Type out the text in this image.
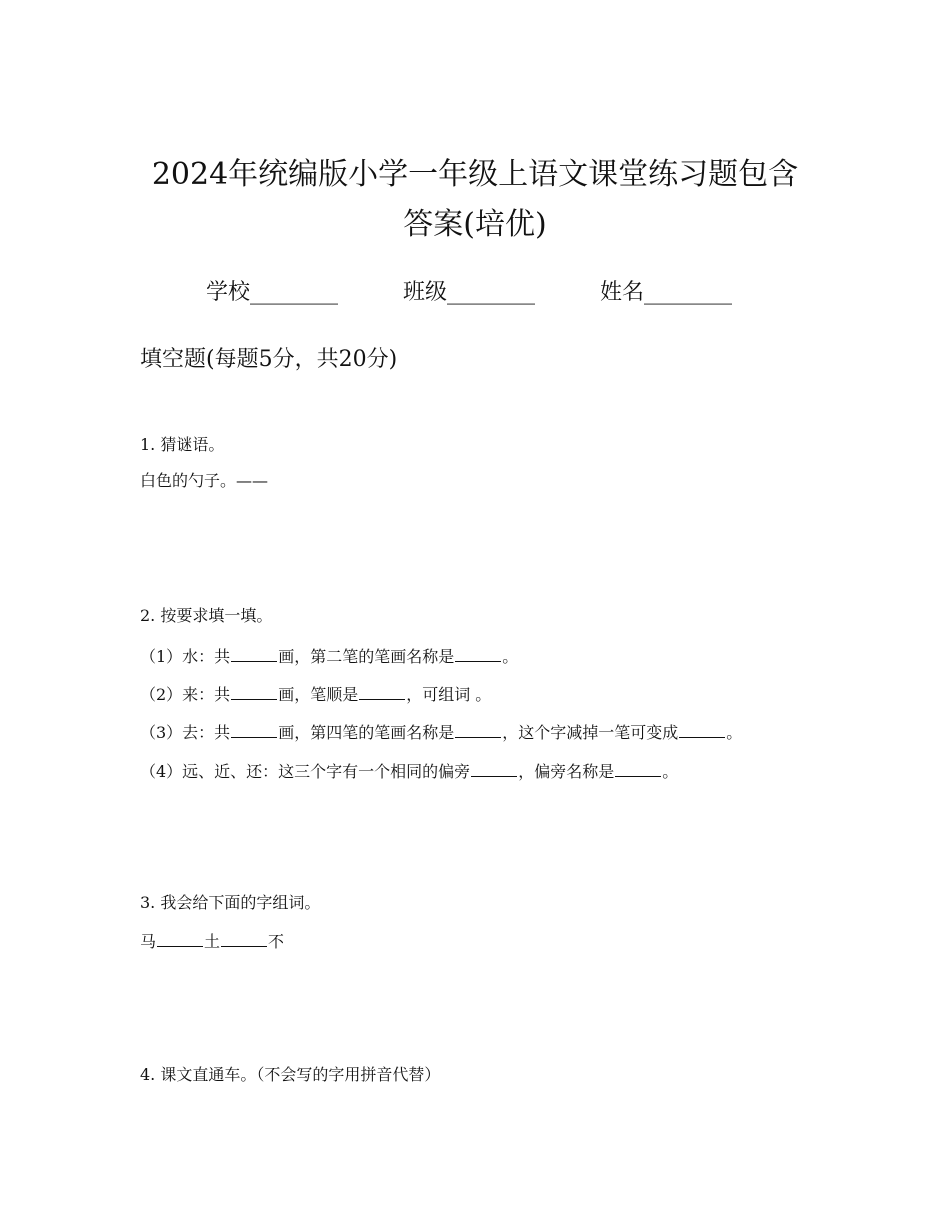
2024年统编版小学一年级上语文课堂练习题包含
答案(培优)
学校________	班级________	姓名________
填空题(每题5分，共20分)
1. 猜谜语。
白色的勺子。——
2. 按要求填一填。
（1）水：共	画，第二笔的笔画名称是	。
（2）来：共	画，笔顺是	，可组词 。
（3）去：共	画，第四笔的笔画名称是	，这个字减掉一笔可变成	。
（4）远、近、还：这三个字有一个相同的偏旁	，偏旁名称是	。
3. 我会给下面的字组词。
马	土	不
4. 课文直通车。（不会写的字用拼音代替）
